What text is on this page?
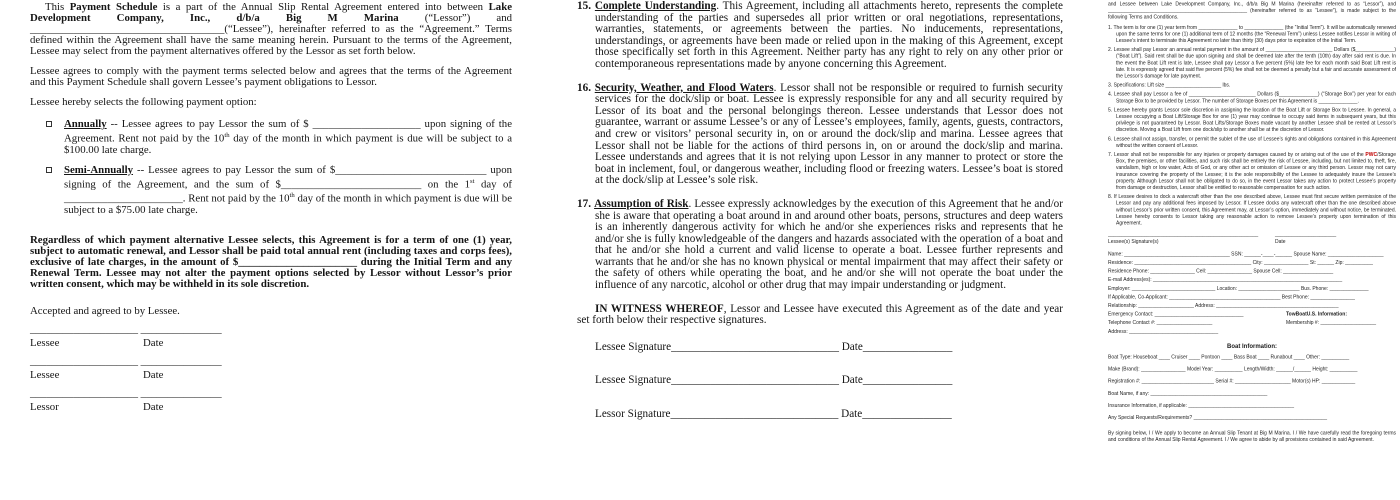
This Payment Schedule is a part of the Annual Slip Rental Agreement entered into between Lake Development Company, Inc., d/b/a Big M Marina (“Lessor”) and ____________________________________(“Lessee”), hereinafter referred to as the “Agreement.” Terms defined within the Agreement shall have the same meaning herein. Pursuant to the terms of the Agreement, Lessee may select from the payment alternatives offered by the Lessor as set forth below.

Lessee agrees to comply with the payment terms selected below and agrees that the terms of the Agreement and this Payment Schedule shall govern Lessee’s payment obligations to Lessor.

Lessee hereby selects the following payment option:

Annually -- Lessee agrees to pay Lessor the sum of $ ____________________ upon signing of the Agreement. Rent not paid by the 10th day of the month in which payment is due will be subject to a $100.00 late charge.
Semi-Annually -- Lessee agrees to pay Lessor the sum of $____________________________ upon signing of the Agreement, and the sum of $__________________________ on the 1st day of ______________________. Rent not paid by the 10th day of the month in which payment is due will be subject to a $75.00 late charge.

Regardless of which payment alternative Lessee selects, this Agreement is for a term of one (1) year, subject to automatic renewal, and Lessor shall be paid total annual rent (including taxes and corps fees), exclusive of late charges, in the amount of $______________________ during the Initial Term and any Renewal Term. Lessee may not alter the payment options selected by Lessor without Lessor’s prior written consent, which may be withheld in its sole discretion.

Accepted and agreed to by Lessee.

____________________ _______________
Lessee	Date
____________________ _______________
Lessee	Date
____________________ _______________
Lessor	Date

15. Complete Understanding. This Agreement, including all attachments hereto, represents the complete understanding of the parties and supersedes all prior written or oral negotiations, representations, warranties, statements, or agreements between the parties. No inducements, representations, understandings, or agreements have been made or relied upon in the making of this Agreement, except those specifically set forth in this Agreement. Neither party has any right to rely on any other prior or contemporaneous representations made by anyone concerning this Agreement.

16. Security, Weather, and Flood Waters. Lessor shall not be responsible or required to furnish security services for the dock/slip or boat. Lessee is expressly responsible for any and all security required by Lessor of its boat and the personal belongings thereon. Lessee understands that Lessor does not guarantee, warrant or assume Lessee’s or any of Lessee’s employees, family, agents, guests, contractors, and crew or visitors’ personal security in, on or around the dock/slip and marina. Lessee agrees that Lessor shall not be liable for the actions of third persons in, on or around the dock/slip and marina. Lessee understands and agrees that it is not relying upon Lessor in any manner to protect or store the boat in inclement, foul, or dangerous weather, including flood or freezing waters. Lessee’s boat is stored at the dock/slip at Lessee’s sole risk.

17. Assumption of Risk. Lessee expressly acknowledges by the execution of this Agreement that he and/or she is aware that operating a boat around in and around other boats, persons, structures and deep waters is an inherently dangerous activity for which he and/or she experiences risks and represents that he and/or she is fully knowledgeable of the dangers and hazards associated with the operation of a boat and that he and/or she hold a current and valid license to operate a boat. Lessee further represents and warrants that he and/or she has no known physical or mental impairment that may affect their safety or the safety of others while operating the boat, and he and/or she will not operate the boat under the influence of any narcotic, alcohol or other drug that may impair understanding or judgment.

IN WITNESS WHEREOF, Lessor and Lessee have executed this Agreement as of the date and year set forth below their respective signatures.

Lessee Signature______________________________ Date________________
Lessee Signature______________________________ Date________________
Lessor Signature______________________________ Date________________

and Lessee between Lake Development Company, Inc., d/b/a Big M Marina (hereinafter referred to as “Lessor”), and __________________________________________________ (hereinafter referred to as “Lessee”), is made subject to the following Terms and Conditions.

1. The term is for one (1) year term from ______________ to ______________ (the “Initial Term”). It will be automatically renewed upon the same terms for one (1) additional term of 12 months (the “Renewal Term”) unless Lessee notifies Lessor in writing of Lessee’s intent to terminate this Agreement no later than thirty (30) days prior to expiration of the Initial Term.
2. Lessee shall pay Lessor an annual rental payment in the amount of ________________________ Dollars ($______________) (“Boat Lift”). Said rent shall be due upon signing and shall be deemed late after the tenth (10th) day after said rent is due. In the event the Boat Lift rent is late, Lessee shall pay Lessor a five percent (5%) late fee for each month said Boat Lift rent is late. It is expressly agreed that said five percent (5%) fee shall not be deemed a penalty but a fair and accurate assessment of the Lessor’s damage for late payment.
3. Specifications: Lift size ____________________ lbs.
4. Lessee shall pay Lessor a fee of ________________________ Dollars ($______________) (“Storage Box”) per year for each Storage Box to be provided by Lessor. The number of Storage Boxes per this Agreement is ______________.
5. Lessee hereby grants Lessor sole discretion in assigning the location of the Boat Lift or Storage Box to Lessee. In general, a Lessee occupying a Boat Lift/Storage Box for one (1) year may continue to occupy said items in subsequent years, but this privilege is not guaranteed by Lessor. Boat Lifts/Storage Boxes made vacant by another Lessee shall be rented at Lessor’s discretion. Moving a Boat Lift from one dock/slip to another shall be at the discretion of Lessor.
6. Lessee shall not assign, transfer, or permit the sublet of the use of Lessee’s rights and obligations contained in this Agreement without the written consent of Lessor.
7. Lessor shall not be responsible for any injuries or property damages caused by or arising out of the use of the PWC/Storage Box, the premises, or other facilities, and such risk shall be entirely the risk of Lessee, including, but not limited to, theft, fire, vandalism, high or low water, Acts of God, or any other act or omission of Lessee or any third person. Lessor may not carry insurance covering the property of the Lessee; it is the sole responsibility of the Lessee to adequately insure the Lessee’s property. Although Lessor shall not be obligated to do so, in the event Lessor takes any action to protect Lessee’s property from damage or destruction, Lessor shall be entitled to reasonable compensation for such action.
8. If Lessee desires to dock a watercraft other than the one described above, Lessee must first secure written permission of the Lessor and pay any additional fees imposed by Lessor. If Lessee docks any watercraft other than the one described above without Lessor’s prior written consent, this Agreement may, at Lessor’s option, immediately and without notice, be terminated. Lessee hereby consents to Lessor taking any reasonable action to remove Lessee’s property upon termination of this Agreement.
______________________________________________________	______________________
Lessee(s) Signature(s)	Date
Name: ______________________________________ SSN: ______-____-______ Spouse Name: ____________________
Residence: __________________________________________ City: ________________ St: ______ Zip: __________
Residence Phone: ________________ Cell: ________________ Spouse Cell: __________________
E-mail Address(es): ____________________________________________________________________
Employer: ______________________________ Location: ______________________ Bus. Phone: ______________
If Applicable, Co-Applicant: ________________________________________ Best Phone: ________________
Relationship: ____________________ Address: ____________________________________________
Emergency Contact: ________________________________
Telephone Contact #: ____________________
Address: ________________________________
TowBoatU.S. Information:
Membership #: ____________________
Boat Information:
Boat Type: Houseboat ____ Cruiser ____ Pontoon ____ Bass Boat ____ Runabout ____ Other: __________
Make (Brand): ________________ Model Year: __________ Length/Width: ______/______ Height: __________
Registration #: __________________________ Serial #: ____________________ Motor(s) HP: ____________
Boat Name, if any: __________________________________________
Insurance Information, if applicable: ______________________________________
Any Special Requests/Requirements? ________________________________________________

By signing below, I / We apply to become an Annual Slip Tenant at Big M Marina. I / We have carefully read the foregoing terms and conditions of the Annual Slip Rental Agreement. I / We agree to abide by all provisions contained in said Agreement.
